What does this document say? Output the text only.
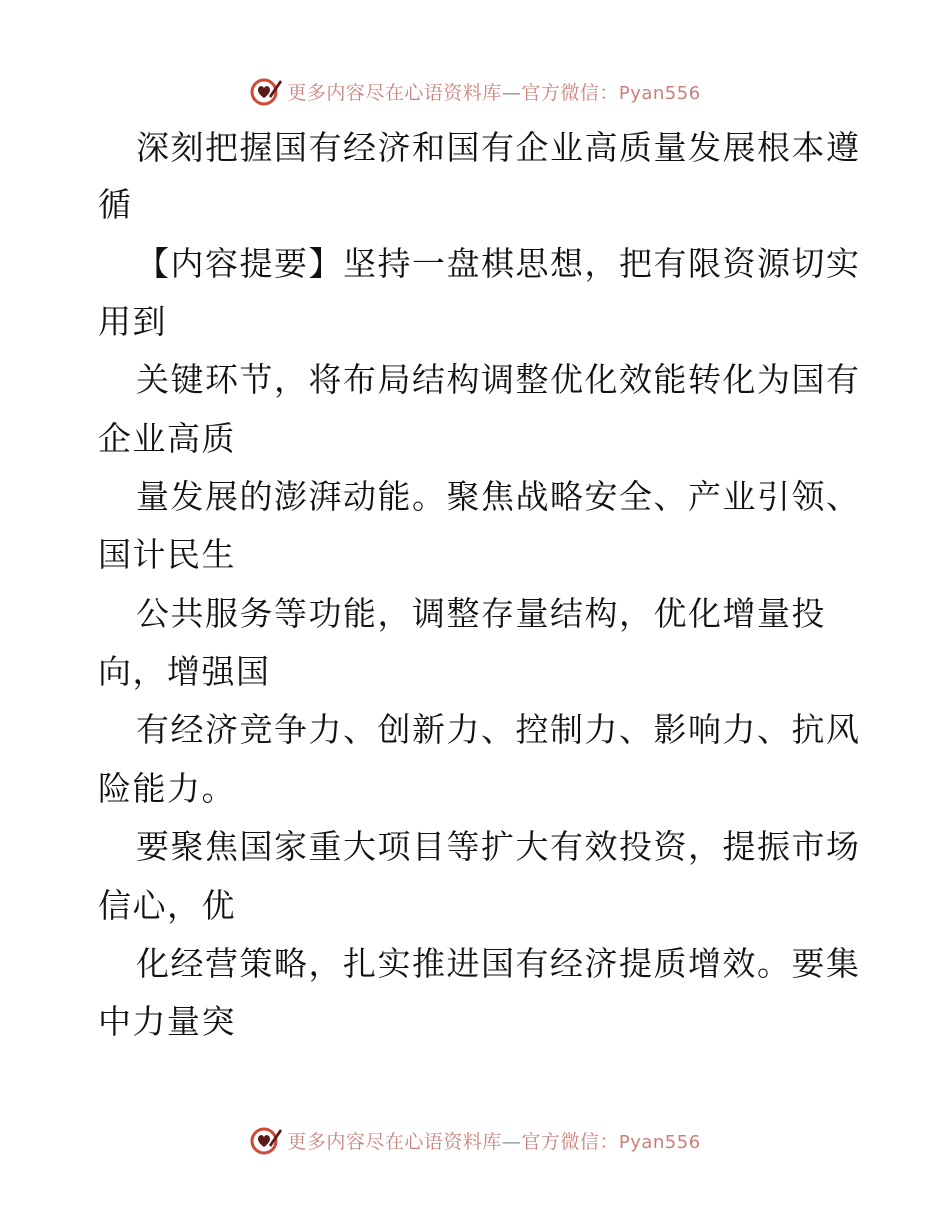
更多内容尽在心语资料库—官方微信：Pyan556
深刻把握国有经济和国有企业高质量发展根本遵
循
【内容提要】坚持一盘棋思想，把有限资源切实
用到
关键环节，将布局结构调整优化效能转化为国有
企业高质
量发展的澎湃动能。聚焦战略安全、产业引领、
国计民生
公共服务等功能，调整存量结构，优化增量投
向，增强国
有经济竞争力、创新力、控制力、影响力、抗风
险能力。
要聚焦国家重大项目等扩大有效投资，提振市场
信心，优
化经营策略，扎实推进国有经济提质增效。要集
中力量突
更多内容尽在心语资料库—官方微信：Pyan556
